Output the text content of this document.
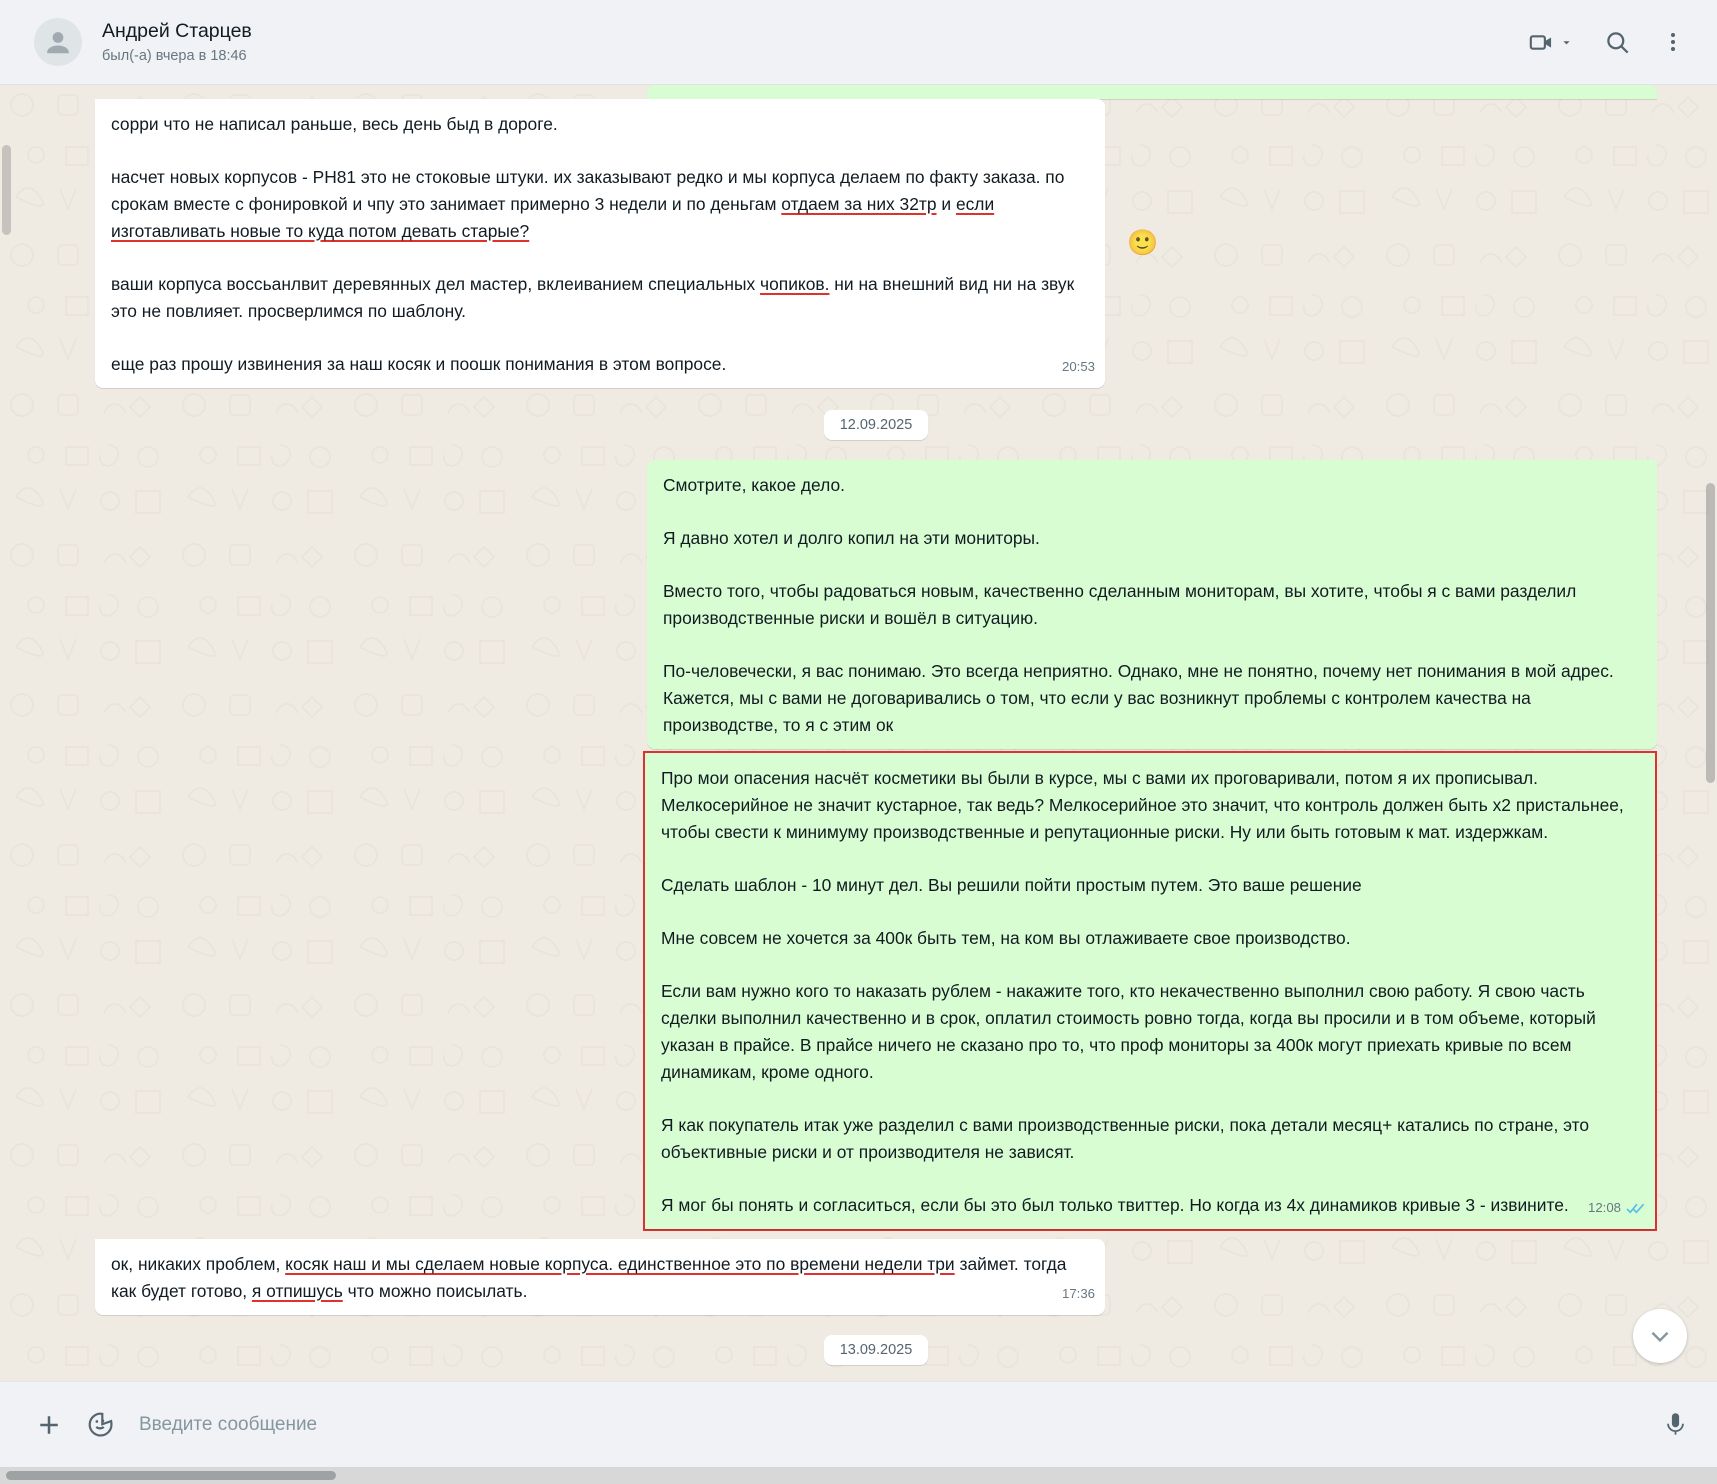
Андрей Старцев
был(-а) вчера в 18:46

сорри что не написал раньше, весь день быд в дороге.

насчет новых корпусов - PH81 это не стоковые штуки. их заказывают редко и мы корпуса делаем по факту заказа. по срокам вместе с фонировкой и чпу это занимает примерно 3 недели и по деньгам отдаем за них 32тр и если изготавливать новые то куда потом девать старые?

ваши корпуса воссьанлвит деревянных дел мастер, вклеиванием специальных чопиков. ни на внешний вид ни на звук это не повлияет. просверлимся по шаблону.

еще раз прошу извинения за наш косяк и поошк понимания в этом вопросе.	20:53

🙂
12.09.2025

Смотрите, какое дело.

Я давно хотел и долго копил на эти мониторы.

Вместо того, чтобы радоваться новым, качественно сделанным мониторам, вы хотите, чтобы я с вами разделил производственные риски и вошёл в ситуацию.

По-человечески, я вас понимаю. Это всегда неприятно. Однако, мне не понятно, почему нет понимания в мой адрес. Кажется, мы с вами не договаривались о том, что если у вас возникнут проблемы с контролем качества на производстве, то я с этим ок

Про мои опасения насчёт косметики вы были в курсе, мы с вами их проговаривали, потом я их прописывал. Мелкосерийное не значит кустарное, так ведь? Мелкосерийное это значит, что контроль должен быть х2 пристальнее, чтобы свести к минимуму производственные и репутационные риски. Ну или быть готовым к мат. издержкам.

Сделать шаблон - 10 минут дел. Вы решили пойти простым путем. Это ваше решение

Мне совсем не хочется за 400к быть тем, на ком вы отлаживаете свое производство.

Если вам нужно кого то наказать рублем - накажите того, кто некачественно выполнил свою работу. Я свою часть сделки выполнил качественно и в срок, оплатил стоимость ровно тогда, когда вы просили и в том объеме, который указан в прайсе. В прайсе ничего не сказано про то, что проф мониторы за 400к могут приехать кривые по всем динамикам, кроме одного.

Я как покупатель итак уже разделил с вами производственные риски, пока детали месяц+ катались по стране, это объективные риски и от производителя не зависят.

Я мог бы понять и согласиться, если бы это был только твиттер. Но когда из 4х динамиков кривые 3 - извините. 12:08

ок, никаких проблем, косяк наш и мы сделаем новые корпуса. единственное это по времени недели три займет. тогда как будет готово, я отпишусь что можно поисылать.	17:36

13.09.2025
Введите сообщение
